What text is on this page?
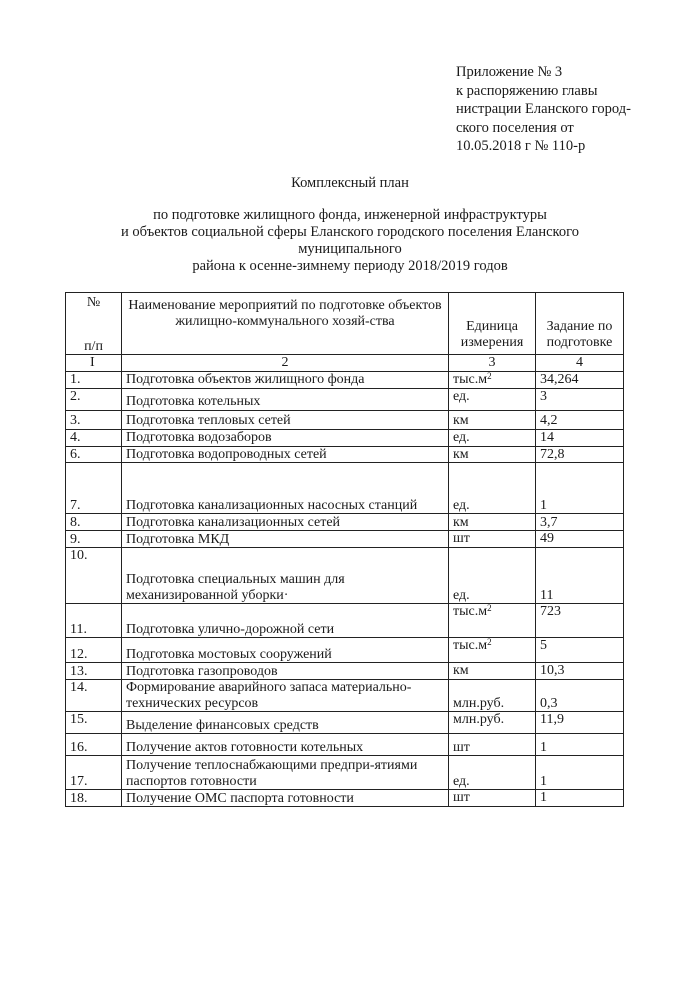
Приложение № 3
к распоряжению главы
нистрации Еланского город-
ского поселения от
10.05.2018 г № 110-р
Комплексный план
по подготовке жилищного фонда, инженерной инфраструктуры
и объектов социальной сферы Еланского городского поселения Еланского
муниципального
района к осенне-зимнему периоду 2018/2019 годов
№
п/п	Наименование мероприятий по подготовке объектов жилищно-коммунального хозяй-ства	Единица измерения	Задание по подготовке
I	2	3	4
1.	Подготовка объектов жилищного фонда	$тыс.м^2$	34,264
2.	Подготовка котельных	ед.	3
3.	Подготовка тепловых сетей	км	4,2
4.	Подготовка водозаборов	ед.	14
6.	Подготовка водопроводных сетей	км	72,8
7.	Подготовка канализационных насосных станций	ед.	1
8.	Подготовка канализационных сетей	км	3,7
9.	Подготовка МКД	шт	49
10.	Подготовка специальных машин для механизированной уборки·	ед.	11
11.	Подготовка улично-дорожной сети	$тыс.м^2$	723
12.	Подготовка мостовых сооружений	$тыс.м^2$	5
13.	Подготовка газопроводов	км	10,3
14.	Формирование аварийного запаса материально-технических ресурсов	млн.руб.	0,3
15.	Выделение финансовых средств	млн.руб.	11,9
16.	Получение актов готовности котельных	шт	1
17.	Получение теплоснабжающими предпри-ятиями паспортов готовности	ед.	1
18.	Получение ОМС паспорта готовности	шт	1
